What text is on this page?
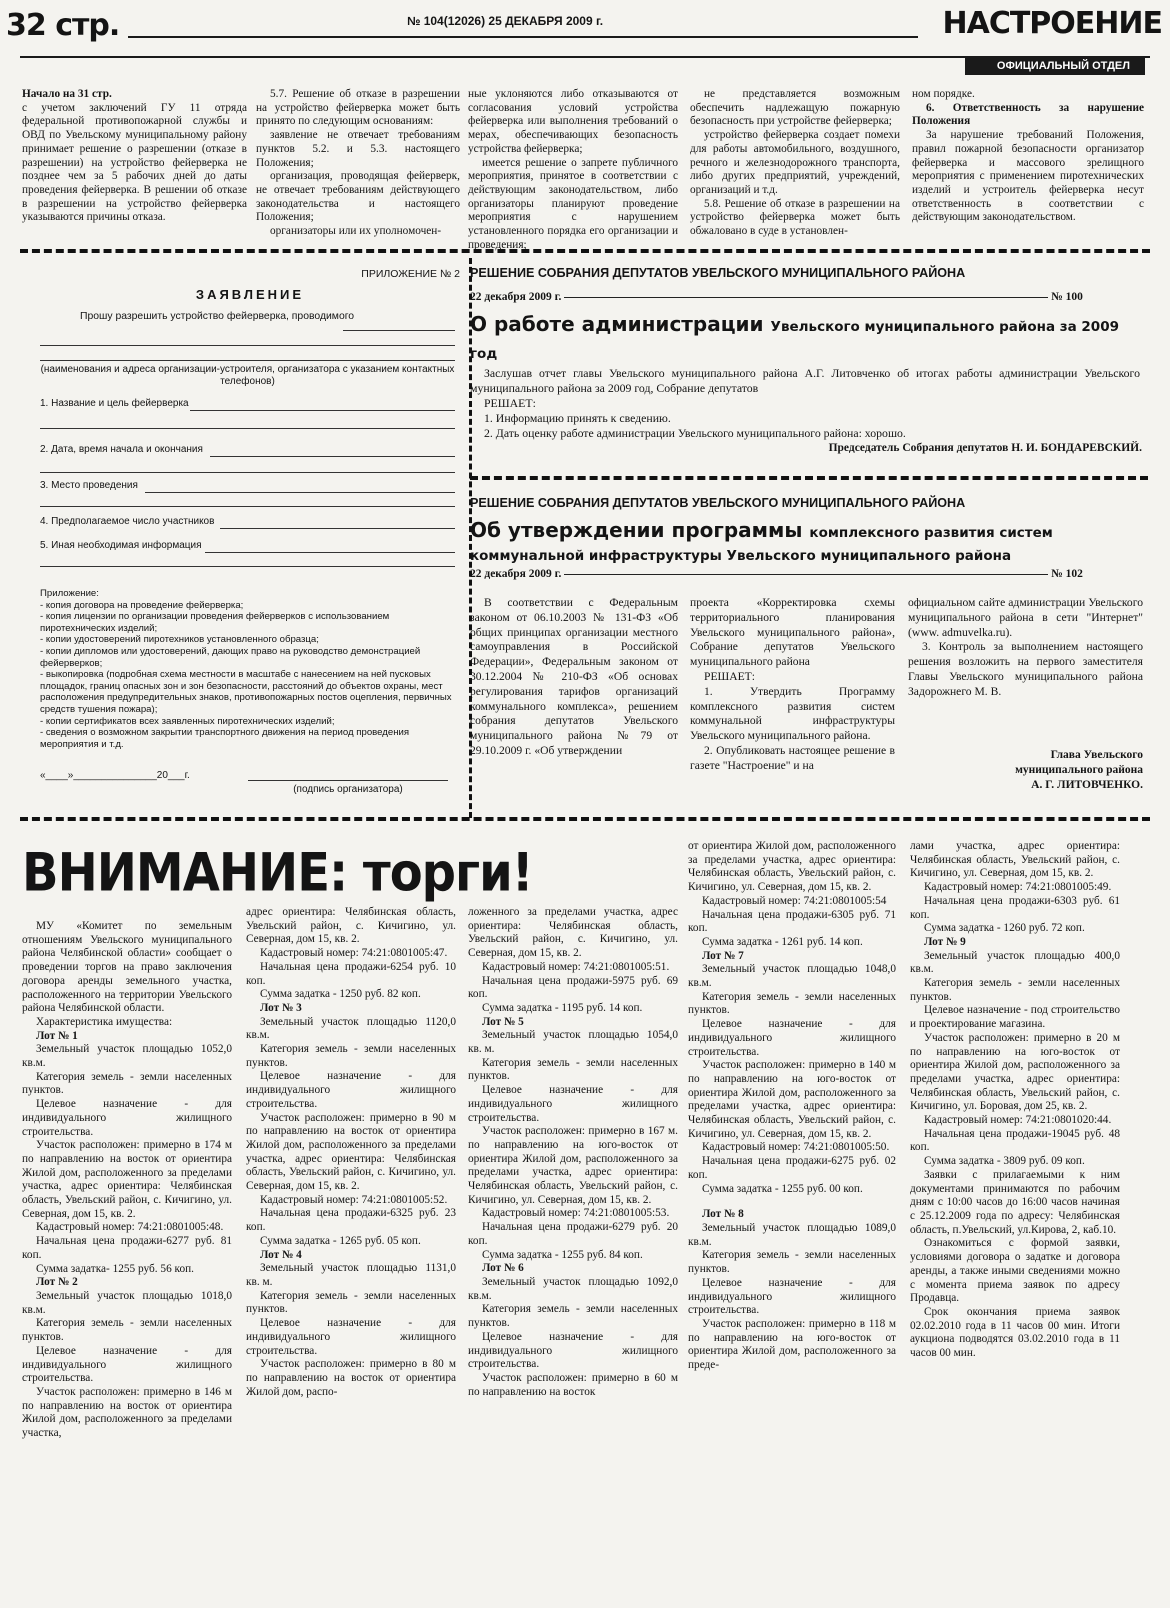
32 стр.	№ 104(12026) 25 ДЕКАБРЯ 2009 г.	НАСТРОЕНИЕ
ОФИЦИАЛЬНЫЙ ОТДЕЛ

Начало на 31 стр.

с учетом заключений ГУ 11 отряда федеральной противопожарной службы и ОВД по Увельскому муниципальному району принимает решение о разрешении (отказе в разрешении) на устройство фейерверка не позднее чем за 5 рабочих дней до даты проведения фейерверка. В решении об отказе в разрешении на устройство фейерверка указываются причины отказа.

5.7. Решение об отказе в разрешении на устройство фейерверка может быть принято по следующим основаниям:

заявление не отвечает требованиям пунктов 5.2. и 5.3. настоящего Положения;

организация, проводящая фейерверк, не отвечает требованиям действующего законодательства и настоящего Положения;

организаторы или их уполномочен-

ные уклоняются либо отказываются от согласования условий устройства фейерверка или выполнения требований о мерах, обеспечивающих безопасность устройства фейерверка;

имеется решение о запрете публичного мероприятия, принятое в соответствии с действующим законодательством, либо организаторы планируют проведение мероприятия с нарушением установленного порядка его организации и проведения;

не представляется возможным обеспечить надлежащую пожарную безопасность при устройстве фейерверка;

устройство фейерверка создает помехи для работы автомобильного, воздушного, речного и железнодорожного транспорта, либо других предприятий, учреждений, организаций и т.д.

5.8. Решение об отказе в разрешении на устройство фейерверка может быть обжаловано в суде в установлен-

ном порядке.

6. Ответственность за нарушение Положения

За нарушение требований Положения, правил пожарной безопасности организатор фейерверка и массового зрелищного мероприятия с применением пиротехнических изделий и устроитель фейерверка несут ответственность в соответствии с действующим законодательством.

ПРИЛОЖЕНИЕ № 2
ЗАЯВЛЕНИЕ
Прошу разрешить устройство фейерверка, проводимого
(наименования и адреса организации-устроителя, организатора с указанием контактных телефонов)
1. Название и цель фейерверка
2. Дата, время начала и окончания
3. Место проведения
4. Предполагаемое число участников
5. Иная необходимая информация
Приложение:
- копия договора на проведение фейерверка;
- копия лицензии по организации проведения фейерверков с использованием пиротехнических изделий;
- копии удостоверений пиротехников установленного образца;
- копии дипломов или удостоверений, дающих право на руководство демонстрацией фейерверков;
- выкопировка (подробная схема местности в масштабе с нанесением на ней пусковых площадок, границ опасных зон и зон безопасности, расстояний до объектов охраны, мест расположения предупредительных знаков, противопожарных постов оцепления, первичных средств тушения пожара);
- копии сертификатов всех заявленных пиротехнических изделий;
- сведения о возможном закрытии транспортного движения на период проведения мероприятия и т.д.
«____»_______________20___г.
(подпись организатора)
РЕШЕНИЕ СОБРАНИЯ ДЕПУТАТОВ УВЕЛЬСКОГО МУНИЦИПАЛЬНОГО РАЙОНА
22 декабря 2009 г.	№ 100
О работе администрации Увельского муниципального района за 2009 год

Заслушав отчет главы Увельского муниципального района А.Г. Литовченко об итогах работы администрации Увельского муниципального района за 2009 год, Собрание депутатов

РЕШАЕТ:

1. Информацию принять к сведению.

2. Дать оценку работе администрации Увельского муниципального района: хорошо.

Председатель Собрания депутатов Н. И. БОНДАРЕВСКИЙ.
РЕШЕНИЕ СОБРАНИЯ ДЕПУТАТОВ УВЕЛЬСКОГО МУНИЦИПАЛЬНОГО РАЙОНА
Об утверждении программы комплексного развития систем коммунальной инфраструктуры Увельского муниципального района
22 декабря 2009 г.	№ 102

В соответствии с Федеральным законом от 06.10.2003 № 131-ФЗ «Об общих принципах организации местного самоуправления в Российской Федерации», Федеральным законом от 30.12.2004 № 210-ФЗ «Об основах регулирования тарифов организаций коммунального комплекса», решением собрания депутатов Увельского муниципального района №79 от 29.10.2009 г. «Об утверждении

проекта «Корректировка схемы территориального планирования Увельского муниципального района», Собрание депутатов Увельского муниципального района

РЕШАЕТ:

1. Утвердить Программу комплексного развития систем коммунальной инфраструктуры Увельского муниципального района.

2. Опубликовать настоящее решение в газете "Настроение" и на

официальном сайте администрации Увельского муниципального района в сети "Интернет" (www. admuvelka.ru).

3. Контроль за выполнением настоящего решения возложить на первого заместителя Главы Увельского муниципального района Задорожнего М. В.

Глава Увельского
муниципального района
А. Г. ЛИТОВЧЕНКО.
ВНИМАНИЕ: торги!

МУ «Комитет по земельным отношениям Увельского муниципального района Челябинской области» сообщает о проведении торгов на право заключения договора аренды земельного участка, расположенного на территории Увельского района Челябинской области.

Характеристика имущества:

Лот № 1

Земельный участок площадью 1052,0 кв.м.

Категория земель - земли населенных пунктов.

Целевое назначение - для индивидуального жилищного строительства.

Участок расположен: примерно в 174 м по направлению на восток от ориентира Жилой дом, расположенного за пределами участка, адрес ориентира: Челябинская область, Увельский район, с. Кичигино, ул. Северная, дом 15, кв. 2.

Кадастровый номер: 74:21:0801005:48.

Начальная цена продажи-6277 руб. 81 коп.

Сумма задатка- 1255 руб. 56 коп.

Лот № 2

Земельный участок площадью 1018,0 кв.м.

Категория земель - земли населенных пунктов.

Целевое назначение - для индивидуального жилищного строительства.

Участок расположен: примерно в 146 м по направлению на восток от ориентира Жилой дом, расположенного за пределами участка,

адрес ориентира: Челябинская область, Увельский район, с. Кичигино, ул. Северная, дом 15, кв. 2.

Кадастровый номер: 74:21:0801005:47.

Начальная цена продажи-6254 руб. 10 коп.

Сумма задатка - 1250 руб. 82 коп.

Лот № 3

Земельный участок площадью 1120,0 кв.м.

Категория земель - земли населенных пунктов.

Целевое назначение - для индивидуального жилищного строительства.

Участок расположен: примерно в 90 м по направлению на восток от ориентира Жилой дом, расположенного за пределами участка, адрес ориентира: Челябинская область, Увельский район, с. Кичигино, ул. Северная, дом 15, кв. 2.

Кадастровый номер: 74:21:0801005:52.

Начальная цена продажи-6325 руб. 23 коп.

Сумма задатка - 1265 руб. 05 коп.

Лот № 4

Земельный участок площадью 1131,0 кв. м.

Категория земель - земли населенных пунктов.

Целевое назначение - для индивидуального жилищного строительства.

Участок расположен: примерно в 80 м по направлению на восток от ориентира Жилой дом, распо-

ложенного за пределами участка, адрес ориентира: Челябинская область, Увельский район, с. Кичигино, ул. Северная, дом 15, кв. 2.

Кадастровый номер: 74:21:0801005:51.

Начальная цена продажи-5975 руб. 69 коп.

Сумма задатка - 1195 руб. 14 коп.

Лот № 5

Земельный участок площадью 1054,0 кв. м.

Категория земель - земли населенных пунктов.

Целевое назначение - для индивидуального жилищного строительства.

Участок расположен: примерно в 167 м. по направлению на юго-восток от ориентира Жилой дом, расположенного за пределами участка, адрес ориентира: Челябинская область, Увельский район, с. Кичигино, ул. Северная, дом 15, кв. 2.

Кадастровый номер: 74:21:0801005:53.

Начальная цена продажи-6279 руб. 20 коп.

Сумма задатка - 1255 руб. 84 коп.

Лот № 6

Земельный участок площадью 1092,0 кв.м.

Категория земель - земли населенных пунктов.

Целевое назначение - для индивидуального жилищного строительства.

Участок расположен: примерно в 60 м по направлению на восток

от ориентира Жилой дом, расположенного за пределами участка, адрес ориентира: Челябинская область, Увельский район, с. Кичигино, ул. Северная, дом 15, кв. 2.

Кадастровый номер: 74:21:0801005:54

Начальная цена продажи-6305 руб. 71 коп.

Сумма задатка - 1261 руб. 14 коп.

Лот № 7

Земельный участок площадью 1048,0 кв.м.

Категория земель - земли населенных пунктов.

Целевое назначение - для индивидуального жилищного строительства.

Участок расположен: примерно в 140 м по направлению на юго-восток от ориентира Жилой дом, расположенного за пределами участка, адрес ориентира: Челябинская область, Увельский район, с. Кичигино, ул. Северная, дом 15, кв. 2.

Кадастровый номер: 74:21:0801005:50.

Начальная цена продажи-6275 руб. 02 коп.

Сумма задатка - 1255 руб. 00 коп.

Лот № 8

Земельный участок площадью 1089,0 кв.м.

Категория земель - земли населенных пунктов.

Целевое назначение - для индивидуального жилищного строительства.

Участок расположен: примерно в 118 м по направлению на юго-восток от ориентира Жилой дом, расположенного за преде-

лами участка, адрес ориентира: Челябинская область, Увельский район, с. Кичигино, ул. Северная, дом 15, кв. 2.

Кадастровый номер: 74:21:0801005:49.

Начальная цена продажи-6303 руб. 61 коп.

Сумма задатка - 1260 руб. 72 коп.

Лот № 9

Земельный участок площадью 400,0 кв.м.

Категория земель - земли населенных пунктов.

Целевое назначение - под строительство и проектирование магазина.

Участок расположен: примерно в 20 м по направлению на юго-восток от ориентира Жилой дом, расположенного за пределами участка, адрес ориентира: Челябинская область, Увельский район, с. Кичигино, ул. Боровая, дом 25, кв. 2.

Кадастровый номер: 74:21:0801020:44.

Начальная цена продажи-19045 руб. 48 коп.

Сумма задатка - 3809 руб. 09 коп.

Заявки с прилагаемыми к ним документами принимаются по рабочим дням с 10:00 часов до 16:00 часов начиная с 25.12.2009 года по адресу: Челябинская область, п.Увельский, ул.Кирова, 2, каб.10.

Ознакомиться с формой заявки, условиями договора о задатке и договора аренды, а также иными сведениями можно с момента приема заявок по адресу Продавца.

Срок окончания приема заявок 02.02.2010 года в 11 часов 00 мин. Итоги аукциона подводятся 03.02.2010 года в 11 часов 00 мин.
